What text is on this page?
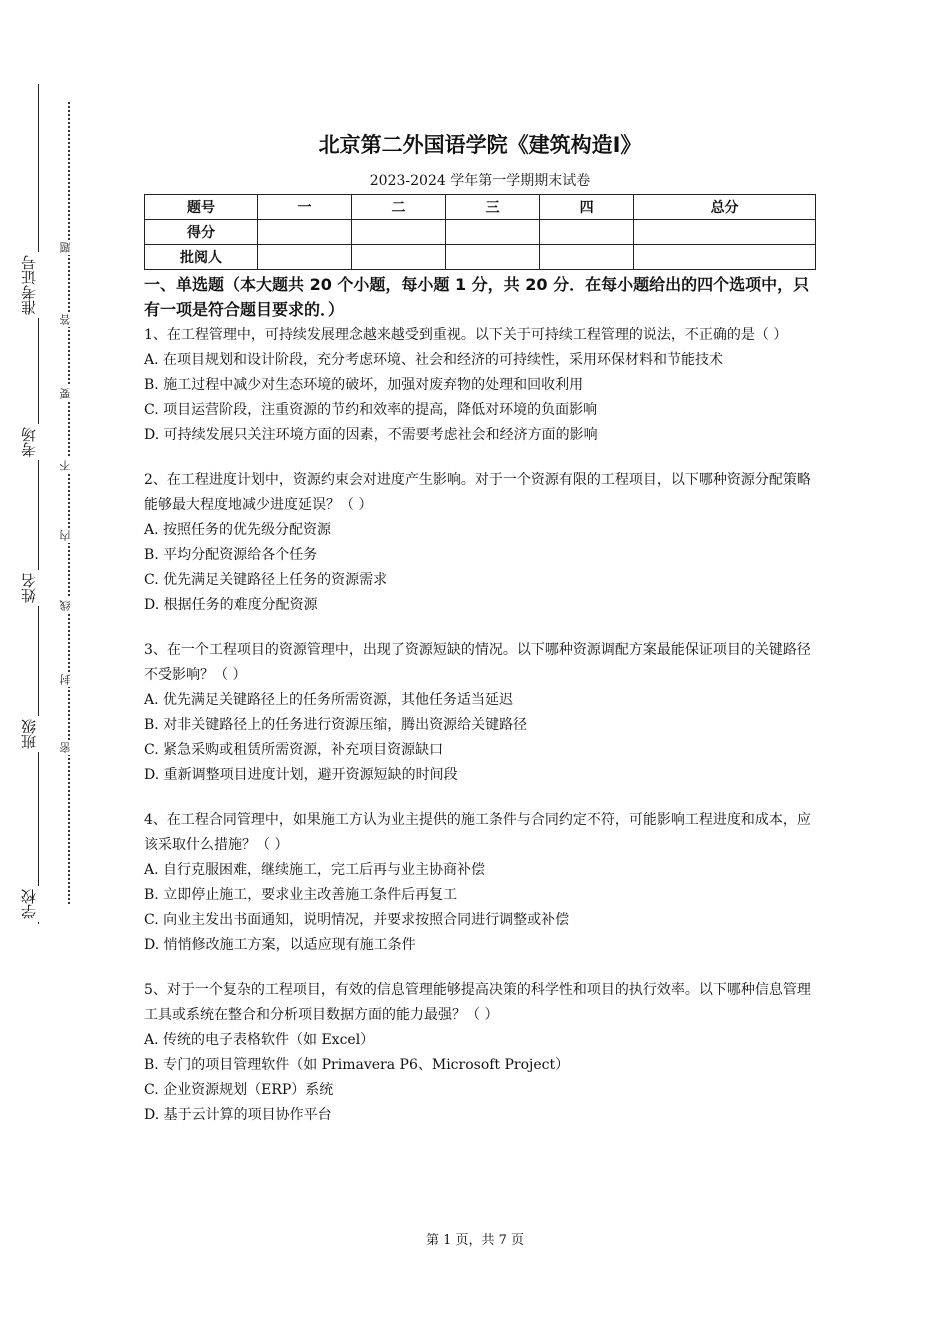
准考证号
考场
姓名
班级
学校
题
答
要
不
内
线
封
密
北京第二外国语学院《建筑构造Ⅰ》
2023-2024 学年第一学期期末试卷
题号	一	二	三	四	总分
得分					
批阅人					
一、单选题（本大题共 20 个小题，每小题 1 分，共 20 分．在每小题给出的四个选项中，只有一项是符合题目要求的．）
1、在工程管理中，可持续发展理念越来越受到重视。以下关于可持续工程管理的说法，不正确的是（ ）
A. 在项目规划和设计阶段，充分考虑环境、社会和经济的可持续性，采用环保材料和节能技术
B. 施工过程中减少对生态环境的破坏，加强对废弃物的处理和回收利用
C. 项目运营阶段，注重资源的节约和效率的提高，降低对环境的负面影响
D. 可持续发展只关注环境方面的因素，不需要考虑社会和经济方面的影响
2、在工程进度计划中，资源约束会对进度产生影响。对于一个资源有限的工程项目，以下哪种资源分配策略能够最大程度地减少进度延误？（ ）
A. 按照任务的优先级分配资源
B. 平均分配资源给各个任务
C. 优先满足关键路径上任务的资源需求
D. 根据任务的难度分配资源
3、在一个工程项目的资源管理中，出现了资源短缺的情况。以下哪种资源调配方案最能保证项目的关键路径不受影响？（ ）
A. 优先满足关键路径上的任务所需资源，其他任务适当延迟
B. 对非关键路径上的任务进行资源压缩，腾出资源给关键路径
C. 紧急采购或租赁所需资源，补充项目资源缺口
D. 重新调整项目进度计划，避开资源短缺的时间段
4、在工程合同管理中，如果施工方认为业主提供的施工条件与合同约定不符，可能影响工程进度和成本，应该采取什么措施？（ ）
A. 自行克服困难，继续施工，完工后再与业主协商补偿
B. 立即停止施工，要求业主改善施工条件后再复工
C. 向业主发出书面通知，说明情况，并要求按照合同进行调整或补偿
D. 悄悄修改施工方案，以适应现有施工条件
5、对于一个复杂的工程项目，有效的信息管理能够提高决策的科学性和项目的执行效率。以下哪种信息管理工具或系统在整合和分析项目数据方面的能力最强？（ ）
A. 传统的电子表格软件（如 Excel）
B. 专门的项目管理软件（如 Primavera P6、Microsoft Project）
C. 企业资源规划（ERP）系统
D. 基于云计算的项目协作平台
第 1 页，共 7 页
